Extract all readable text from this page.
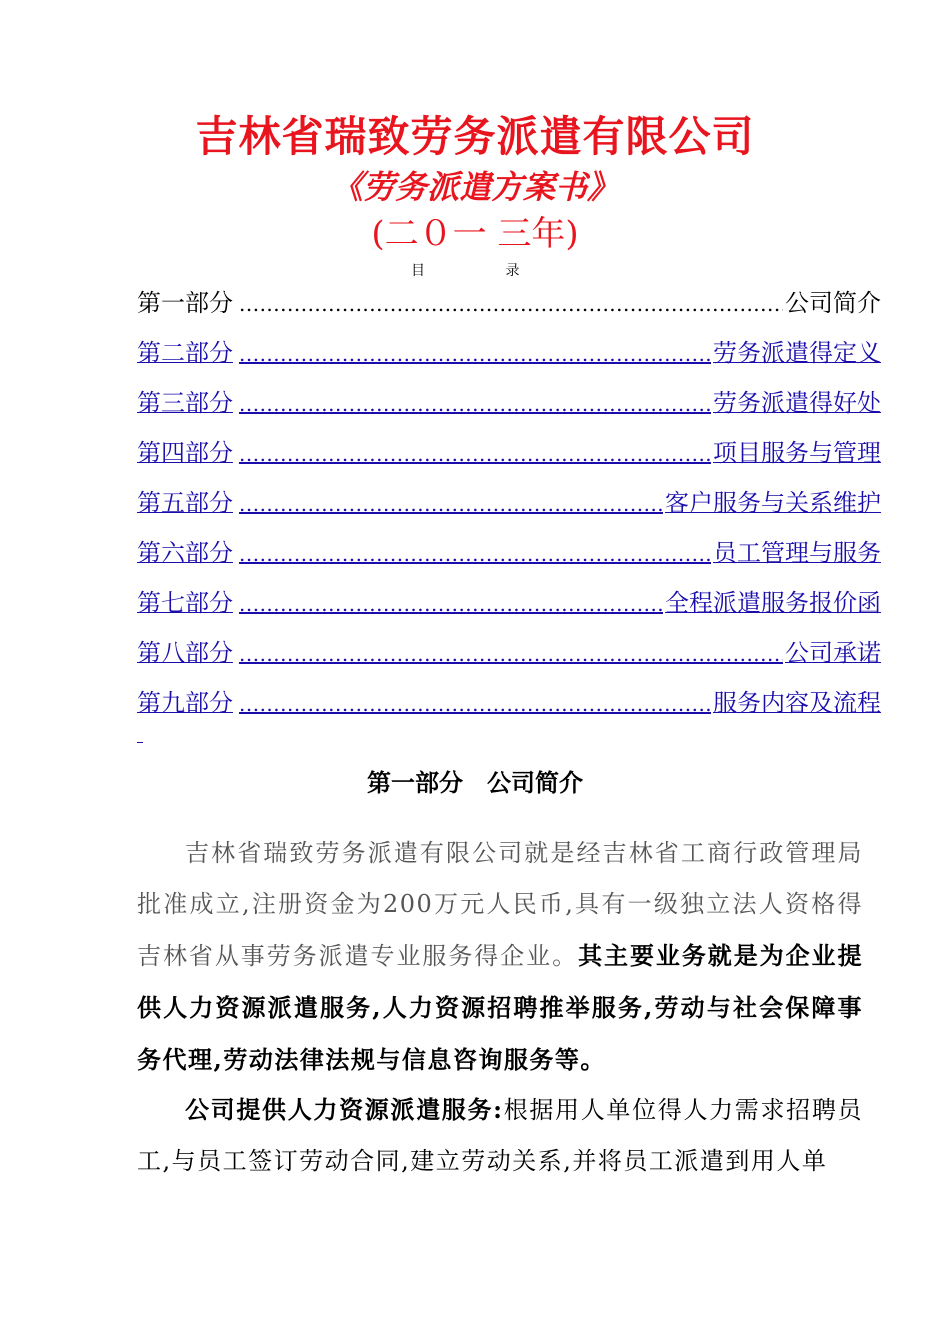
吉林省瑞致劳务派遣有限公司
《劳务派遣方案书》
(二０一 三年)
目 录
第一部分 .....	公司简介
第二部分 .....	劳务派遣得定义
第三部分 .....	劳务派遣得好处
第四部分 .....	项目服务与管理
第五部分 .....	客户服务与关系维护
第六部分 .....	员工管理与服务
第七部分 .....	全程派遣服务报价函
第八部分 .....	公司承诺
第九部分 .....	服务内容及流程
第一部分　公司简介

吉林省瑞致劳务派遣有限公司就是经吉林省工商行政管理局批准成立,注册资金为200万元人民币,具有一级独立法人资格得吉林省从事劳务派遣专业服务得企业。其主要业务就是为企业提供人力资源派遣服务,人力资源招聘推举服务,劳动与社会保障事务代理,劳动法律法规与信息咨询服务等。

公司提供人力资源派遣服务:根据用人单位得人力需求招聘员工,与员工签订劳动合同,建立劳动关系,并将员工派遣到用人单
